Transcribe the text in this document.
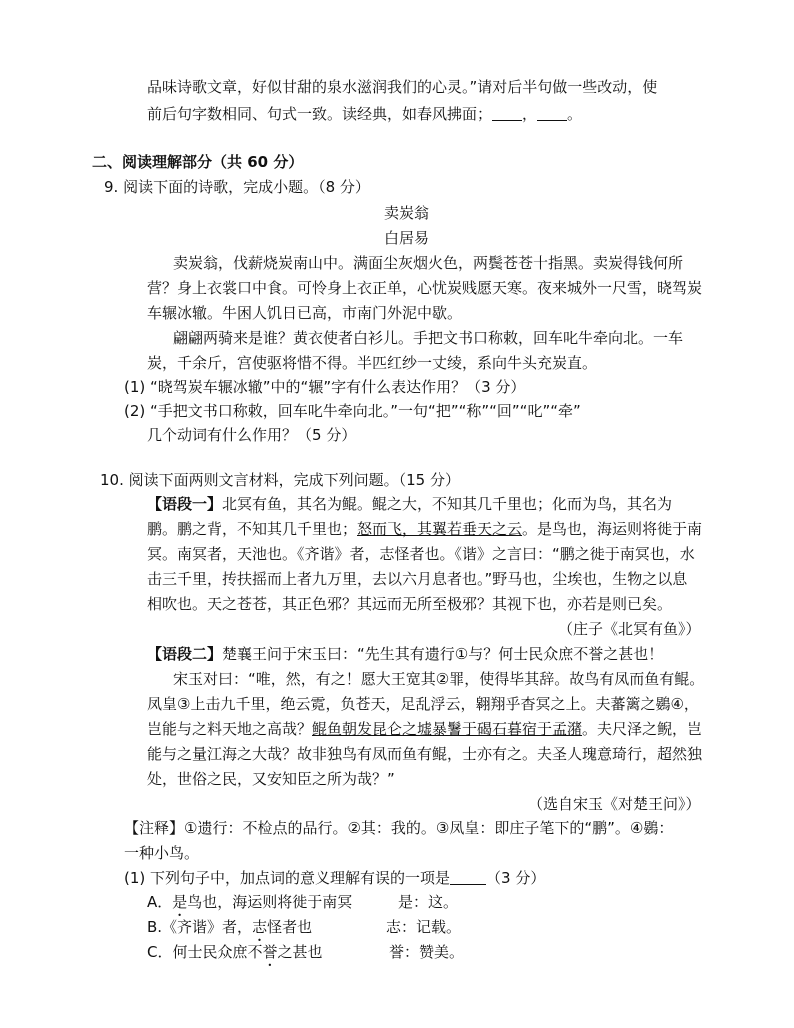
品味诗歌文章，好似甘甜的泉水滋润我们的心灵。”请对后半句做一些改动，使
前后句字数相同、句式一致。读经典，如春风拂面； ， 。
二、阅读理解部分（共 60 分）
9. 阅读下面的诗歌，完成小题。（8 分）
卖炭翁
白居易
卖炭翁，伐薪烧炭南山中。满面尘灰烟火色，两鬓苍苍十指黑。卖炭得钱何所
营？身上衣裳口中食。可怜身上衣正单，心忧炭贱愿天寒。夜来城外一尺雪，晓驾炭
车辗冰辙。牛困人饥日已高，市南门外泥中歇。
翩翩两骑来是谁？黄衣使者白衫儿。手把文书口称敕，回车叱牛牵向北。一车
炭，千余斤，宫使驱将惜不得。半匹红纱一丈绫，系向牛头充炭直。
(1) “晓驾炭车辗冰辙”中的“辗”字有什么表达作用？（3 分）
(2) “手把文书口称敕，回车叱牛牵向北。”一句“把”“称”“回”“叱”“牵”
几个动词有什么作用？（5 分）
10. 阅读下面两则文言材料，完成下列问题。（15 分）
【语段一】北冥有鱼，其名为鲲。鲲之大，不知其几千里也；化而为鸟，其名为
鹏。鹏之背，不知其几千里也；怒而飞，其翼若垂天之云。是鸟也，海运则将徙于南
冥。南冥者，天池也。《齐谐》者，志怪者也。《谐》之言曰：“鹏之徙于南冥也，水
击三千里，抟扶摇而上者九万里，去以六月息者也。”野马也，尘埃也，生物之以息
相吹也。天之苍苍，其正色邪？其远而无所至极邪？其视下也，亦若是则已矣。
（庄子《北冥有鱼》）
【语段二】楚襄王问于宋玉曰：“先生其有遗行①与？何士民众庶不誉之甚也！
宋玉对曰：“唯，然，有之！愿大王宽其②罪，使得毕其辞。故鸟有凤而鱼有鲲。
凤皇③上击九千里，绝云霓，负苍天，足乱浮云，翱翔乎杳冥之上。夫蕃篱之鷃④，
岂能与之料天地之高哉？鲲鱼朝发昆仑之墟暴鬐于碣石暮宿于孟潴。夫尺泽之鲵，岂
能与之量江海之大哉？故非独鸟有凤而鱼有鲲，士亦有之。夫圣人瑰意琦行，超然独
处，世俗之民，又安知臣之所为哉？”
（选自宋玉《对楚王问》）
【注释】①遗行：不检点的品行。②其：我的。③凤皇：即庄子笔下的“鹏”。④鷃：
一种小鸟。
(1) 下列句子中，加点词的意义理解有误的一项是 （3 分）
A．是鸟也，海运则将徙于南冥	是：这。
B.《齐谐》者，志怪者也	志：记载。
C．何士民众庶不誉之甚也	誉：赞美。
